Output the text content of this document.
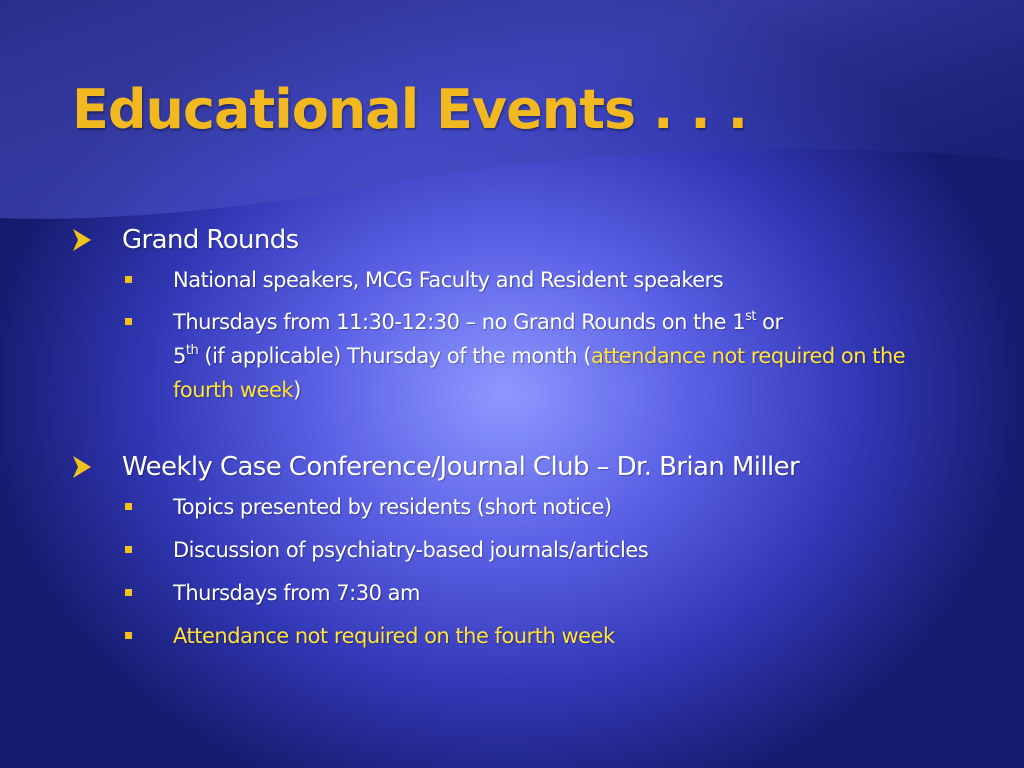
Educational Events . . .
Grand Rounds
National speakers, MCG Faculty and Resident speakers
Thursdays from 11:30-12:30 – no Grand Rounds on the 1st or
5th (if applicable) Thursday of the month (attendance not required on the fourth week)
Weekly Case Conference/Journal Club – Dr. Brian Miller
Topics presented by residents (short notice)
Discussion of psychiatry-based journals/articles
Thursdays from 7:30 am
Attendance not required on the fourth week
